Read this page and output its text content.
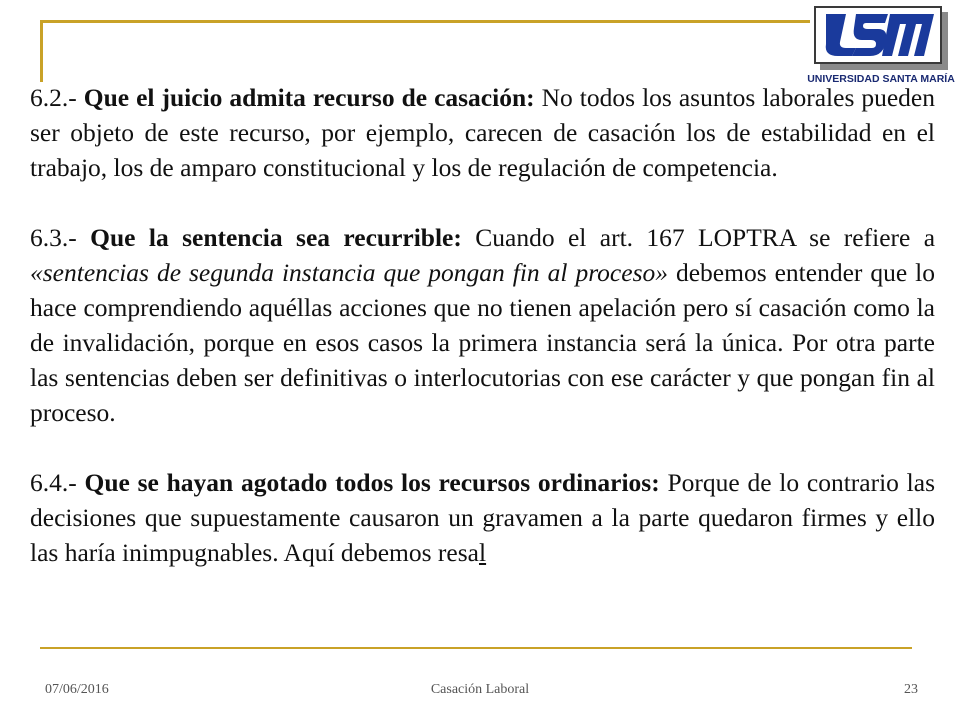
UNIVERSIDAD SANTA MARÍA

6.2.- Que el juicio admita recurso de casación: No todos los asuntos laborales pueden ser objeto de este recurso, por ejemplo, carecen de casación los de estabilidad en el trabajo, los de amparo constitucional y los de regulación de competencia.

6.3.- Que la sentencia sea recurrible: Cuando el art. 167 LOPTRA se refiere a «sentencias de segunda instancia que pongan fin al proceso» debemos entender que lo hace comprendiendo aquéllas acciones que no tienen apelación pero sí casación como la de invalidación, porque en esos casos la primera instancia será la única. Por otra parte las sentencias deben ser definitivas o interlocutorias con ese carácter y que pongan fin al proceso.

6.4.- Que se hayan agotado todos los recursos ordinarios: Porque de lo contrario las decisiones que supuestamente causaron un gravamen a la parte quedaron firmes y ello las haría inimpugnables. Aquí debemos resal

07/06/2016	Casación Laboral	23
